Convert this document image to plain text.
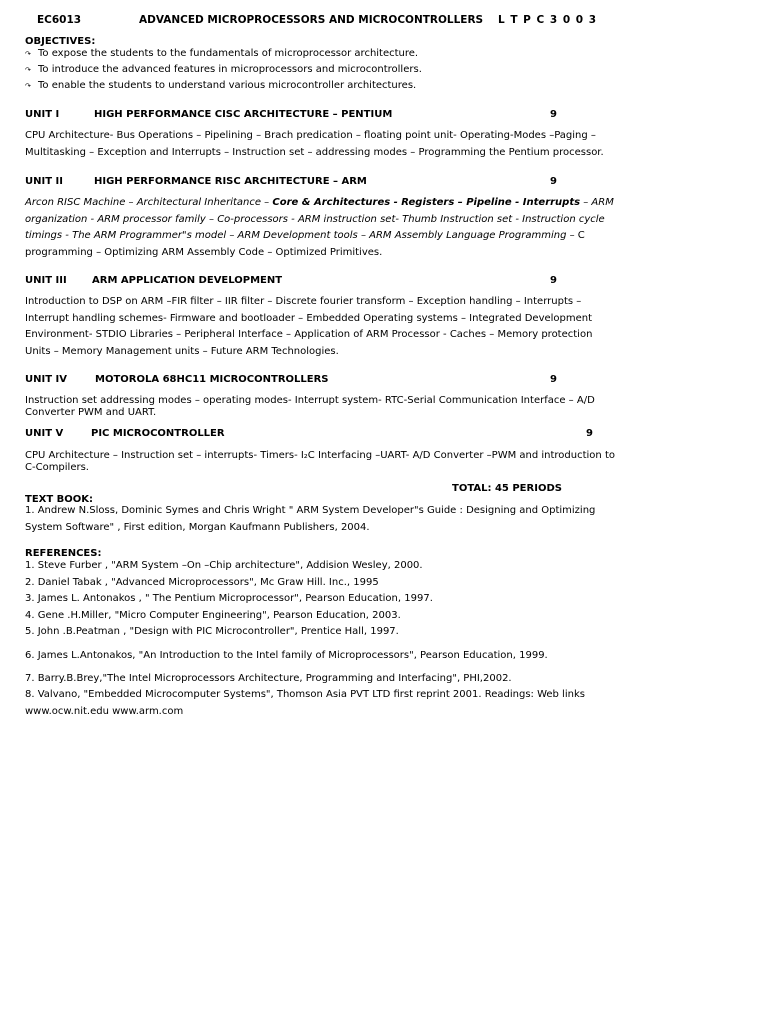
EC6013	ADVANCED MICROPROCESSORS AND MICROCONTROLLERS L T P C 3 0 0 3
OBJECTIVES:
↷ To expose the students to the fundamentals of microprocessor architecture.
↷ To introduce the advanced features in microprocessors and microcontrollers.
↷ To enable the students to understand various microcontroller architectures.
UNIT I	HIGH PERFORMANCE CISC ARCHITECTURE – PENTIUM	9
CPU Architecture- Bus Operations – Pipelining – Brach predication – floating point unit- Operating-Modes –Paging –
Multitasking – Exception and Interrupts – Instruction set – addressing modes – Programming the Pentium processor.
UNIT II	HIGH PERFORMANCE RISC ARCHITECTURE – ARM	9
Arcon RISC Machine – Architectural Inheritance – Core & Architectures - Registers – Pipeline - Interrupts – ARM
organization - ARM processor family – Co-processors - ARM instruction set- Thumb Instruction set - Instruction cycle
timings - The ARM Programmer"s model – ARM Development tools – ARM Assembly Language Programming – C
programming – Optimizing ARM Assembly Code – Optimized Primitives.
UNIT III	ARM APPLICATION DEVELOPMENT	9
Introduction to DSP on ARM –FIR filter – IIR filter – Discrete fourier transform – Exception handling – Interrupts –
Interrupt handling schemes- Firmware and bootloader – Embedded Operating systems – Integrated Development
Environment- STDIO Libraries – Peripheral Interface – Application of ARM Processor - Caches – Memory protection
Units – Memory Management units – Future ARM Technologies.
UNIT IV	MOTOROLA 68HC11 MICROCONTROLLERS	9
Instruction set addressing modes – operating modes- Interrupt system- RTC-Serial Communication Interface – A/D
Converter PWM and UART.
UNIT V	PIC MICROCONTROLLER	9
CPU Architecture – Instruction set – interrupts- Timers- I₂C Interfacing –UART- A/D Converter –PWM and introduction to
C-Compilers.
TOTAL: 45 PERIODS
TEXT BOOK:
1. Andrew N.Sloss, Dominic Symes and Chris Wright " ARM System Developer"s Guide : Designing and Optimizing
System Software" , First edition, Morgan Kaufmann Publishers, 2004.
REFERENCES:
1. Steve Furber , "ARM System –On –Chip architecture", Addision Wesley, 2000.
2. Daniel Tabak , "Advanced Microprocessors", Mc Graw Hill. Inc., 1995
3. James L. Antonakos , " The Pentium Microprocessor", Pearson Education, 1997.
4. Gene .H.Miller, "Micro Computer Engineering", Pearson Education, 2003.
5. John .B.Peatman , "Design with PIC Microcontroller", Prentice Hall, 1997.
6. James L.Antonakos, "An Introduction to the Intel family of Microprocessors", Pearson Education, 1999.
7. Barry.B.Brey,"The Intel Microprocessors Architecture, Programming and Interfacing", PHI,2002.
8. Valvano, "Embedded Microcomputer Systems", Thomson Asia PVT LTD first reprint 2001. Readings: Web links
www.ocw.nit.edu www.arm.com
